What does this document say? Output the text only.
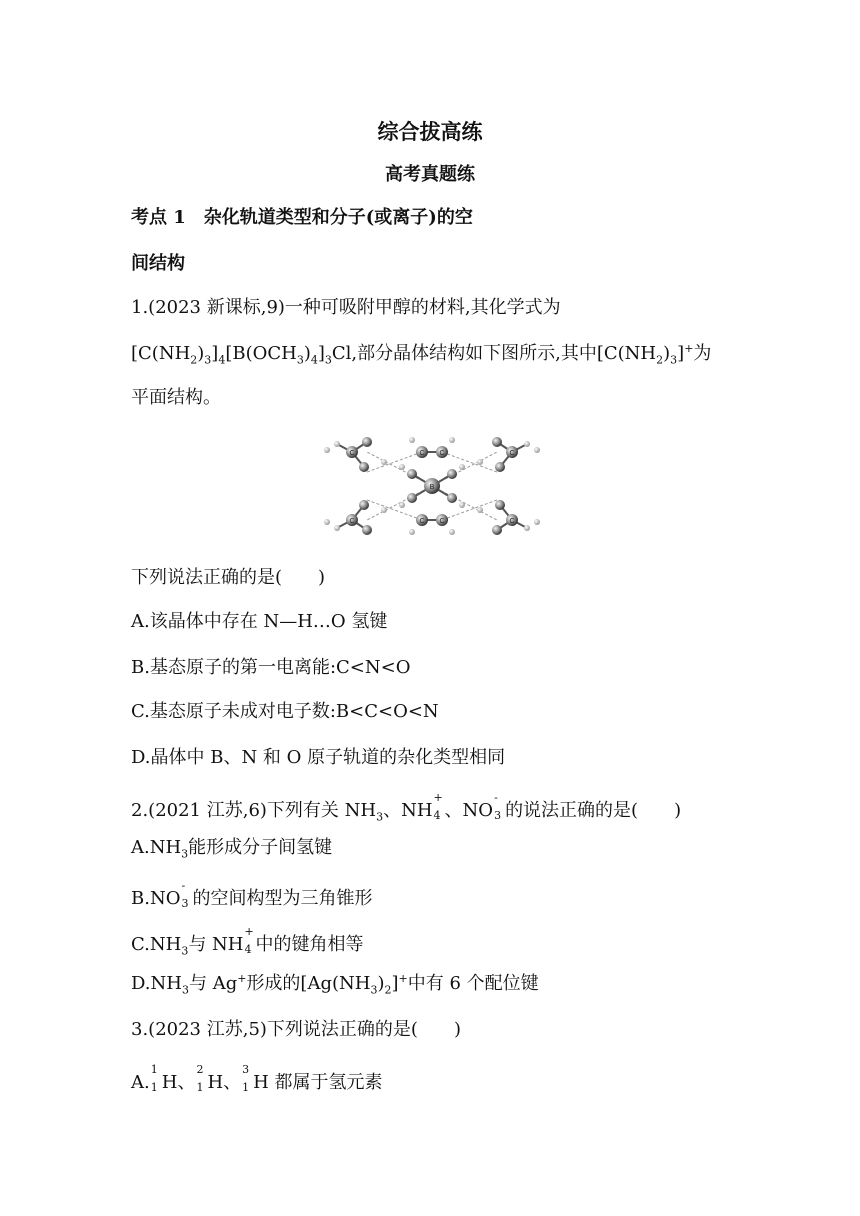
综合拔高练
高考真题练
考点 1　杂化轨道类型和分子(或离子)的空
间结构
1.(2023 新课标,9)一种可吸附甲醇的材料,其化学式为
$[C(NH_2)_3]_4[B(OCH_3)_4]_3Cl$,部分晶体结构如下图所示,其中$[C(NH_2)_3]^+$为
平面结构。
B
C
C
C
C
C C
C C
下列说法正确的是(　　)
A.该晶体中存在 N—H…O 氢键
B.基态原子的第一电离能:C<N<O
C.基态原子未成对电子数:B<C<O<N
D.晶体中 B、N 和 O 原子轨道的杂化类型相同
2.(2021 江苏,6)下列有关 $NH_3$、NH
+
4 、NO
-
3 的说法正确的是(　　)
$A.NH_3$能形成分子间氢键
B.NO
-
3 的空间构型为三角锥形
$C.NH_3$与 NH
+
4 中的键角相等
$D.NH_3$与 Ag+形成的$[Ag(NH_3)_2]^+$中有 6 个配位键
3.(2023 江苏,5)下列说法正确的是(　　)
A.
1
1 H、
2
1 H、
3
1 H 都属于氢元素
